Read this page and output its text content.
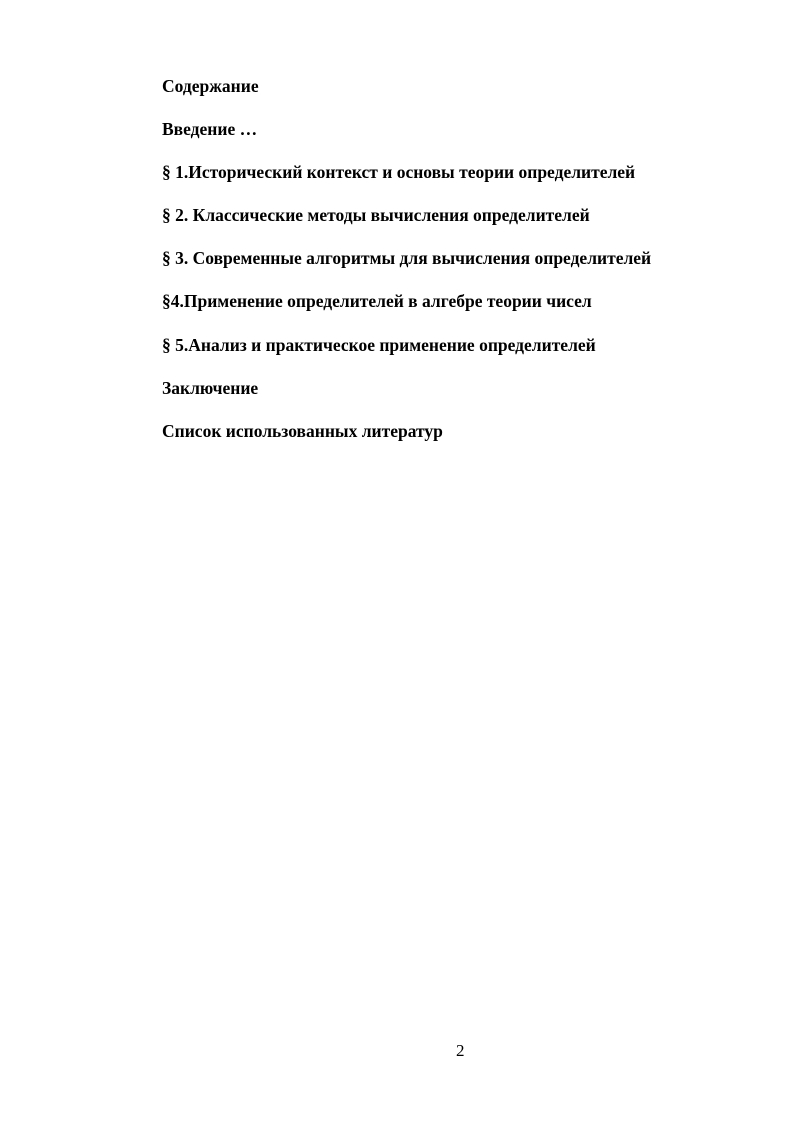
Содержание
Введение …
§ 1.Исторический контекст и основы теории определителей
§ 2. Классические методы вычисления определителей
§ 3. Современные алгоритмы для вычисления определителей
§4.Применение определителей в алгебре теории чисел
§ 5.Анализ и практическое применение определителей
Заключение
Список использованных литератур
2
